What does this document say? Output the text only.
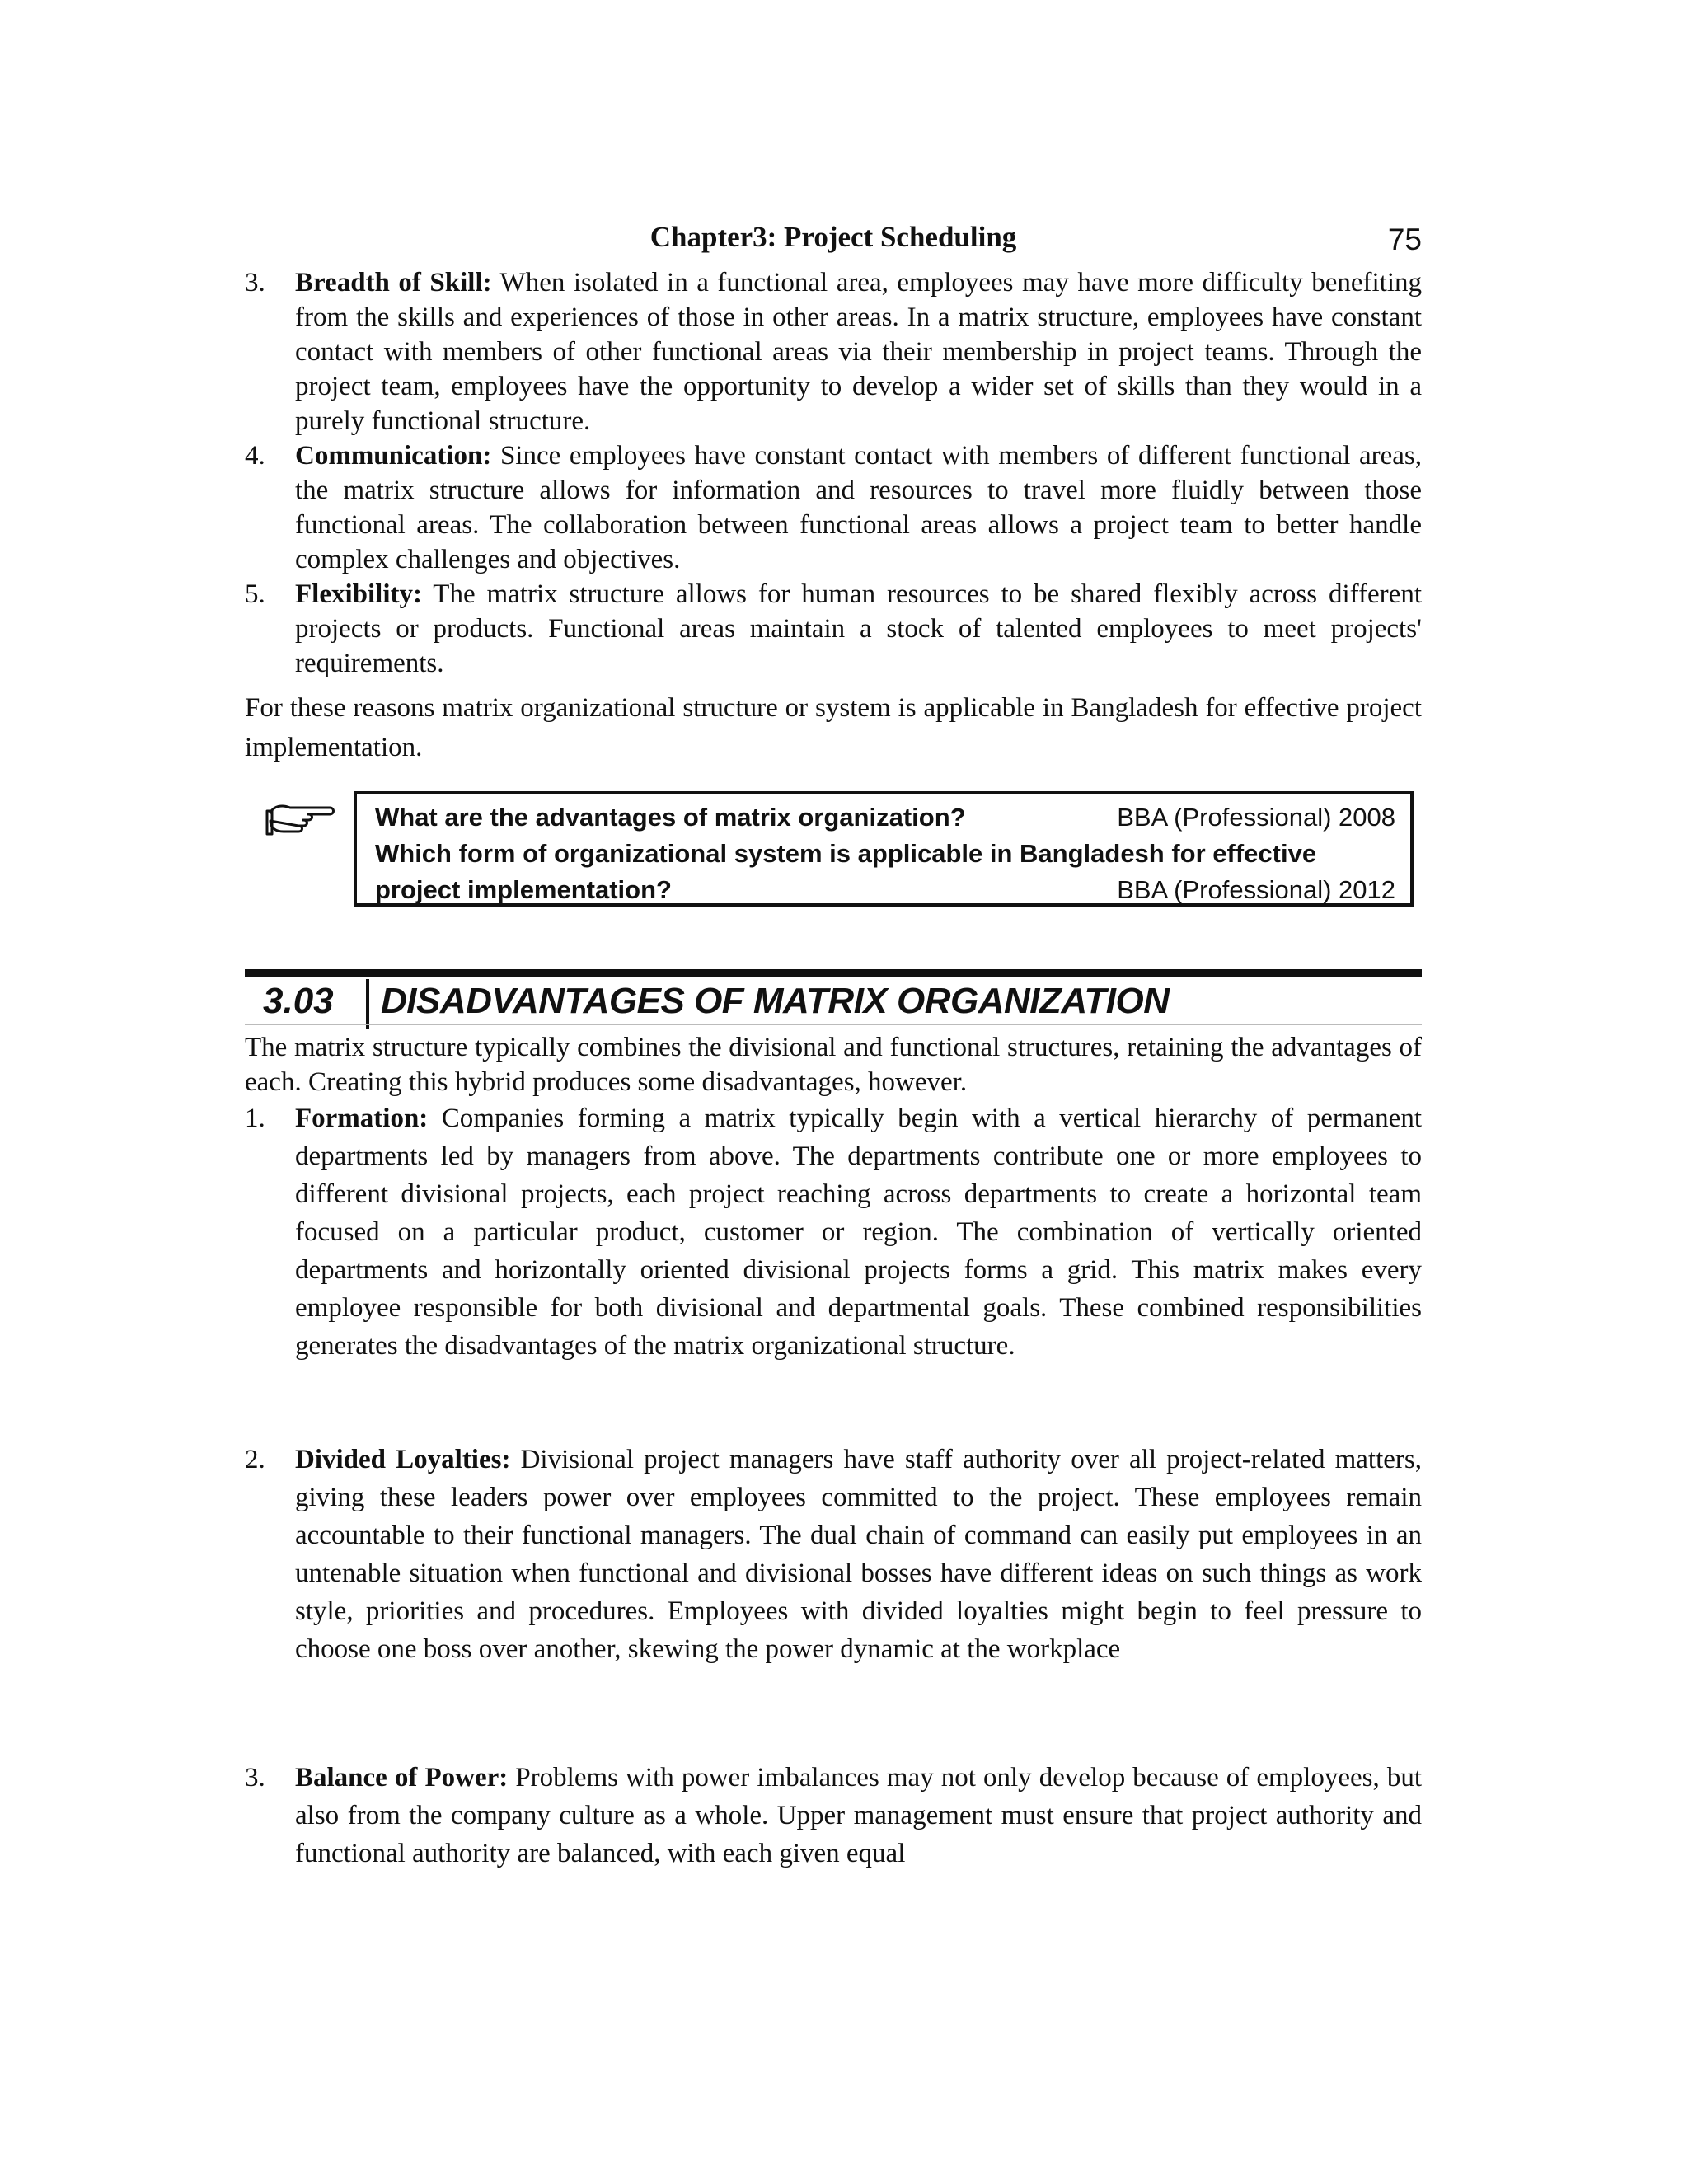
Chapter3: Project Scheduling	75
3. Breadth of Skill: When isolated in a functional area, employees may have more difficulty benefiting from the skills and experiences of those in other areas. In a matrix structure, employees have constant contact with members of other functional areas via their membership in project teams. Through the project team, employees have the opportunity to develop a wider set of skills than they would in a purely functional structure.

4. Communication: Since employees have constant contact with members of different functional areas, the matrix structure allows for information and resources to travel more fluidly between those functional areas. The collaboration between functional areas allows a project team to better handle complex challenges and objectives.

5. Flexibility: The matrix structure allows for human resources to be shared flexibly across different projects or products. Functional areas maintain a stock of talented employees to meet projects' requirements.

For these reasons matrix organizational structure or system is applicable in Bangladesh for effective project implementation.

What are the advantages of matrix organization?	BBA (Professional) 2008
Which form of organizational system is applicable in Bangladesh for effective
project implementation?	BBA (Professional) 2012
3.03 DISADVANTAGES OF MATRIX ORGANIZATION

The matrix structure typically combines the divisional and functional structures, retaining the advantages of each. Creating this hybrid produces some disadvantages, however.

1. Formation: Companies forming a matrix typically begin with a vertical hierarchy of permanent departments led by managers from above. The departments contribute one or more employees to different divisional projects, each project reaching across departments to create a horizontal team focused on a particular product, customer or region. The combination of vertically oriented departments and horizontally oriented divisional projects forms a grid. This matrix makes every employee responsible for both divisional and departmental goals. These combined responsibilities generates the disadvantages of the matrix organizational structure.

2. Divided Loyalties: Divisional project managers have staff authority over all project-related matters, giving these leaders power over employees committed to the project. These employees remain accountable to their functional managers. The dual chain of command can easily put employees in an untenable situation when functional and divisional bosses have different ideas on such things as work style, priorities and procedures. Employees with divided loyalties might begin to feel pressure to choose one boss over another, skewing the power dynamic at the workplace

3. Balance of Power: Problems with power imbalances may not only develop because of employees, but also from the company culture as a whole. Upper management must ensure that project authority and functional authority are balanced, with each given equal
